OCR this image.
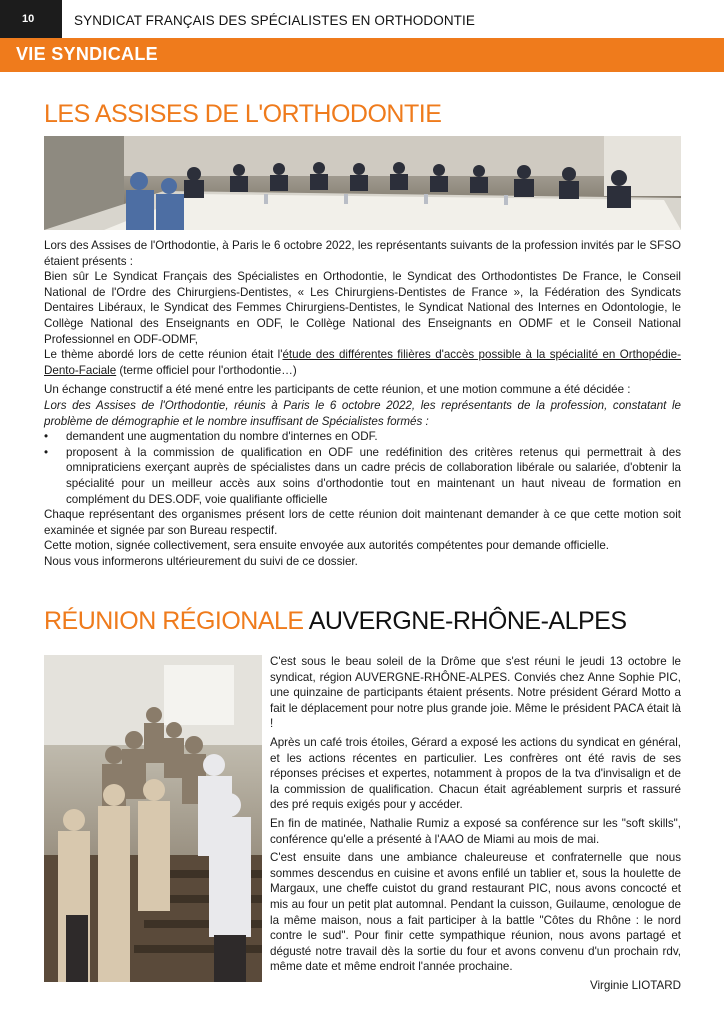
10	SYNDICAT FRANÇAIS DES SPÉCIALISTES EN ORTHODONTIE
VIE SYNDICALE
LES ASSISES DE L'ORTHODONTIE

Lors des Assises de l'Orthodontie, à Paris le 6 octobre 2022, les représentants suivants de la profession invités par le SFSO étaient présents :

Bien sûr Le Syndicat Français des Spécialistes en Orthodontie, le Syndicat des Orthodontistes De France, le Conseil National de l'Ordre des Chirurgiens-Dentistes, « Les Chirurgiens-Dentistes de France », la Fédération des Syndicats Dentaires Libéraux, le Syndicat des Femmes Chirurgiens-Dentistes, le Syndicat National des Internes en Odontologie, le Collège National des Enseignants en ODF, le Collège National des Enseignants en ODMF et le Conseil National Professionnel en ODF-ODMF,

Le thème abordé lors de cette réunion était l'étude des différentes filières d'accès possible à la spécialité en Orthopédie-Dento-Faciale (terme officiel pour l'orthodontie…)

Un échange constructif a été mené entre les participants de cette réunion, et une motion commune a été décidée :

Lors des Assises de l'Orthodontie, réunis à Paris le 6 octobre 2022, les représentants de la profession, constatant le problème de démographie et le nombre insuffisant de Spécialistes formés :

• demandent une augmentation du nombre d'internes en ODF.
• proposent à la commission de qualification en ODF une redéfinition des critères retenus qui permettrait à des omnipraticiens exerçant auprès de spécialistes dans un cadre précis de collaboration libérale ou salariée, d'obtenir la spécialité pour un meilleur accès aux soins d'orthodontie tout en maintenant un haut niveau de formation en complément du DES.ODF, voie qualifiante officielle

Chaque représentant des organismes présent lors de cette réunion doit maintenant demander à ce que cette motion soit examinée et signée par son Bureau respectif.

Cette motion, signée collectivement, sera ensuite envoyée aux autorités compétentes pour demande officielle.

Nous vous informerons ultérieurement du suivi de ce dossier.

RÉUNION RÉGIONALE AUVERGNE-RHÔNE-ALPES

C'est sous le beau soleil de la Drôme que s'est réuni le jeudi 13 octobre le syndicat, région AUVERGNE-RHÔNE-ALPES. Conviés chez Anne Sophie PIC, une quinzaine de participants étaient présents. Notre président Gérard Motto a fait le déplacement pour notre plus grande joie. Même le président PACA était là !

Après un café trois étoiles, Gérard a exposé les actions du syndicat en général, et les actions récentes en particulier. Les confrères ont été ravis de ses réponses précises et expertes, notamment à propos de la tva d'invisalign et de la commission de qualification. Chacun était agréablement surpris et rassuré des pré requis exigés pour y accéder.

En fin de matinée, Nathalie Rumiz a exposé sa conférence sur les "soft skills", conférence qu'elle a présenté à l'AAO de Miami au mois de mai.

C'est ensuite dans une ambiance chaleureuse et confraternelle que nous sommes descendus en cuisine et avons enfilé un tablier et, sous la houlette de Margaux, une cheffe cuistot du grand restaurant PIC, nous avons concocté et mis au four un petit plat automnal. Pendant la cuisson, Guilaume, œnologue de la même maison, nous a fait participer à la battle "Côtes du Rhône : le nord contre le sud". Pour finir cette sympathique réunion, nous avons partagé et dégusté notre travail dès la sortie du four et avons convenu d'un prochain rdv, même date et même endroit l'année prochaine.

Virginie LIOTARD
